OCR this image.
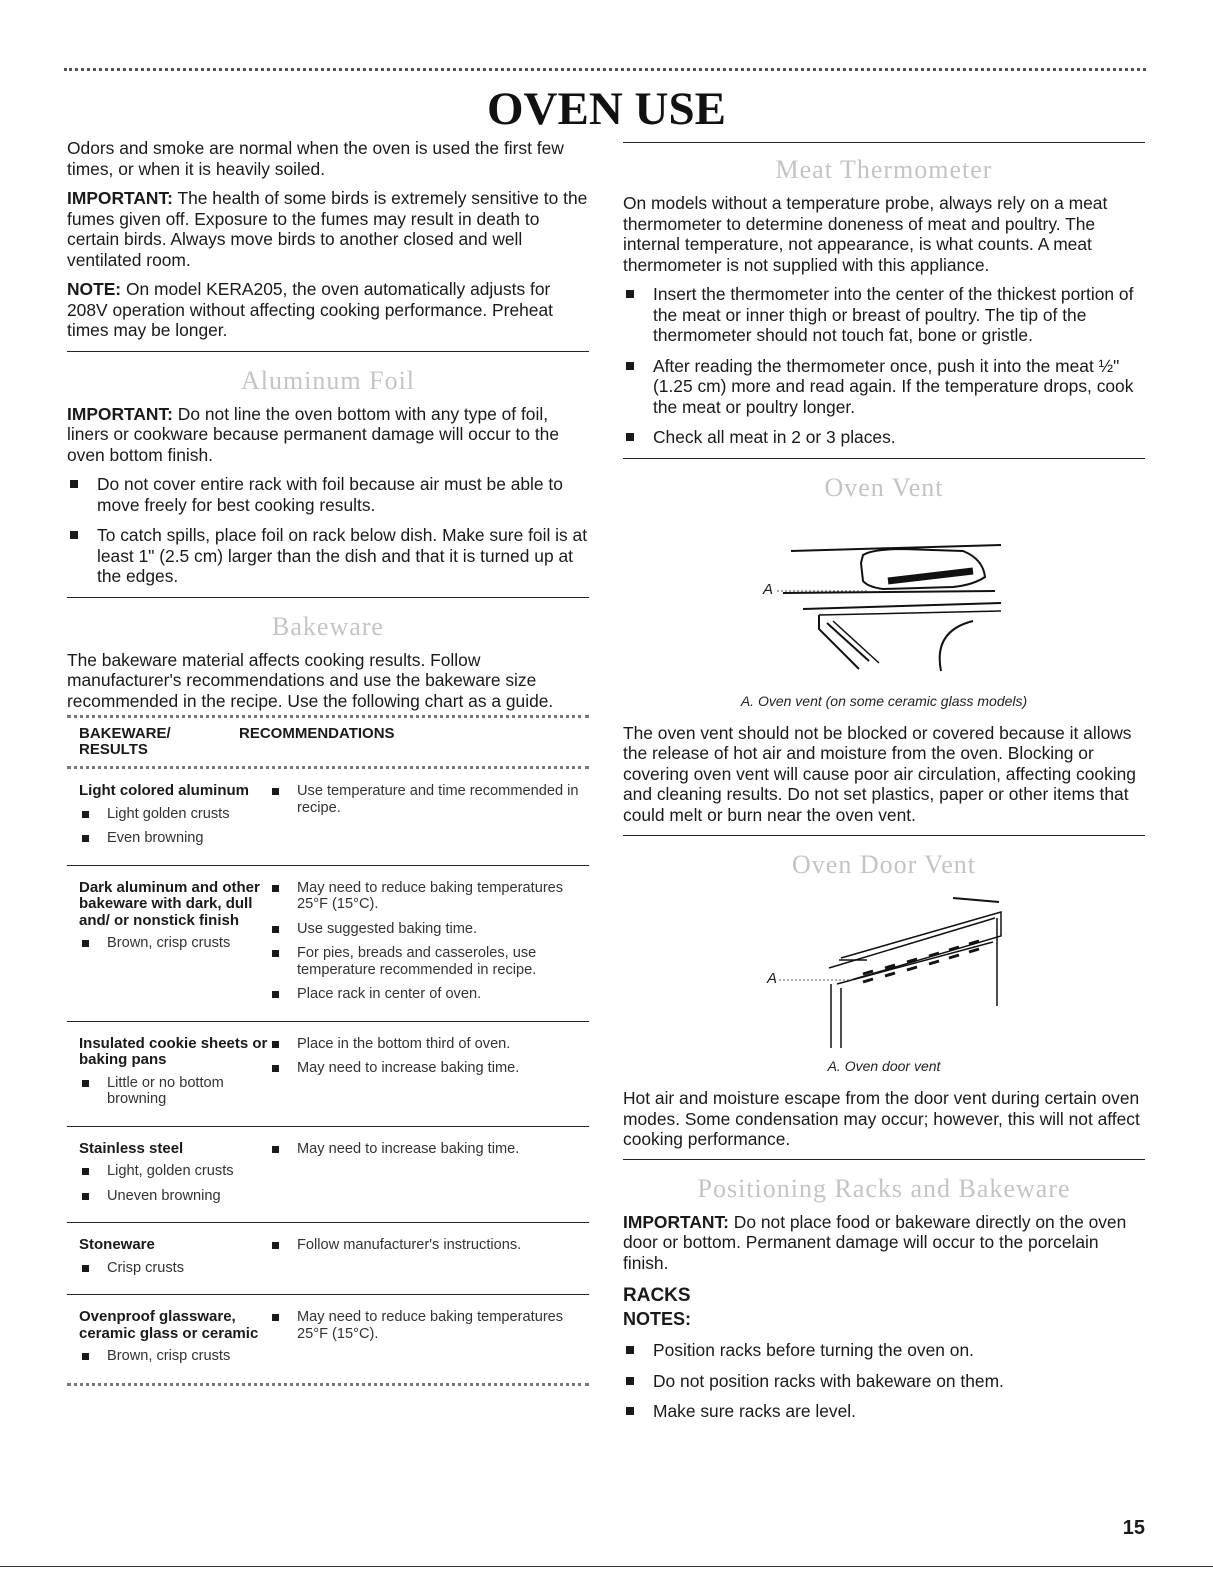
OVEN USE

Odors and smoke are normal when the oven is used the first few times, or when it is heavily soiled.

IMPORTANT: The health of some birds is extremely sensitive to the fumes given off. Exposure to the fumes may result in death to certain birds. Always move birds to another closed and well ventilated room.

NOTE: On model KERA205, the oven automatically adjusts for 208V operation without affecting cooking performance. Preheat times may be longer.

Aluminum Foil

IMPORTANT: Do not line the oven bottom with any type of foil, liners or cookware because permanent damage will occur to the oven bottom finish.

Do not cover entire rack with foil because air must be able to move freely for best cooking results.
To catch spills, place foil on rack below dish. Make sure foil is at least 1" (2.5 cm) larger than the dish and that it is turned up at the edges.
Bakeware

The bakeware material affects cooking results. Follow manufacturer's recommendations and use the bakeware size recommended in the recipe. Use the following chart as a guide.

BAKEWARE/ RESULTS
RECOMMENDATIONS
Light colored aluminum
Light golden crusts
Even browning
Use temperature and time recommended in recipe.
Dark aluminum and other bakeware with dark, dull and/ or nonstick finish
Brown, crisp crusts
May need to reduce baking temperatures 25°F (15°C).
Use suggested baking time.
For pies, breads and casseroles, use temperature recommended in recipe.
Place rack in center of oven.
Insulated cookie sheets or baking pans
Little or no bottom browning
Place in the bottom third of oven.
May need to increase baking time.
Stainless steel
Light, golden crusts
Uneven browning
May need to increase baking time.
Stoneware
Crisp crusts
Follow manufacturer's instructions.
Ovenproof glassware, ceramic glass or ceramic
Brown, crisp crusts
May need to reduce baking temperatures 25°F (15°C).
Meat Thermometer

On models without a temperature probe, always rely on a meat thermometer to determine doneness of meat and poultry. The internal temperature, not appearance, is what counts. A meat thermometer is not supplied with this appliance.

Insert the thermometer into the center of the thickest portion of the meat or inner thigh or breast of poultry. The tip of the thermometer should not touch fat, bone or gristle.
After reading the thermometer once, push it into the meat ½" (1.25 cm) more and read again. If the temperature drops, cook the meat or poultry longer.
Check all meat in 2 or 3 places.
Oven Vent
A
A. Oven vent (on some ceramic glass models)

The oven vent should not be blocked or covered because it allows the release of hot air and moisture from the oven. Blocking or covering oven vent will cause poor air circulation, affecting cooking and cleaning results. Do not set plastics, paper or other items that could melt or burn near the oven vent.

Oven Door Vent
A
A. Oven door vent

Hot air and moisture escape from the door vent during certain oven modes. Some condensation may occur; however, this will not affect cooking performance.

Positioning Racks and Bakeware

IMPORTANT: Do not place food or bakeware directly on the oven door or bottom. Permanent damage will occur to the porcelain finish.

RACKS
NOTES:
Position racks before turning the oven on.
Do not position racks with bakeware on them.
Make sure racks are level.
15
